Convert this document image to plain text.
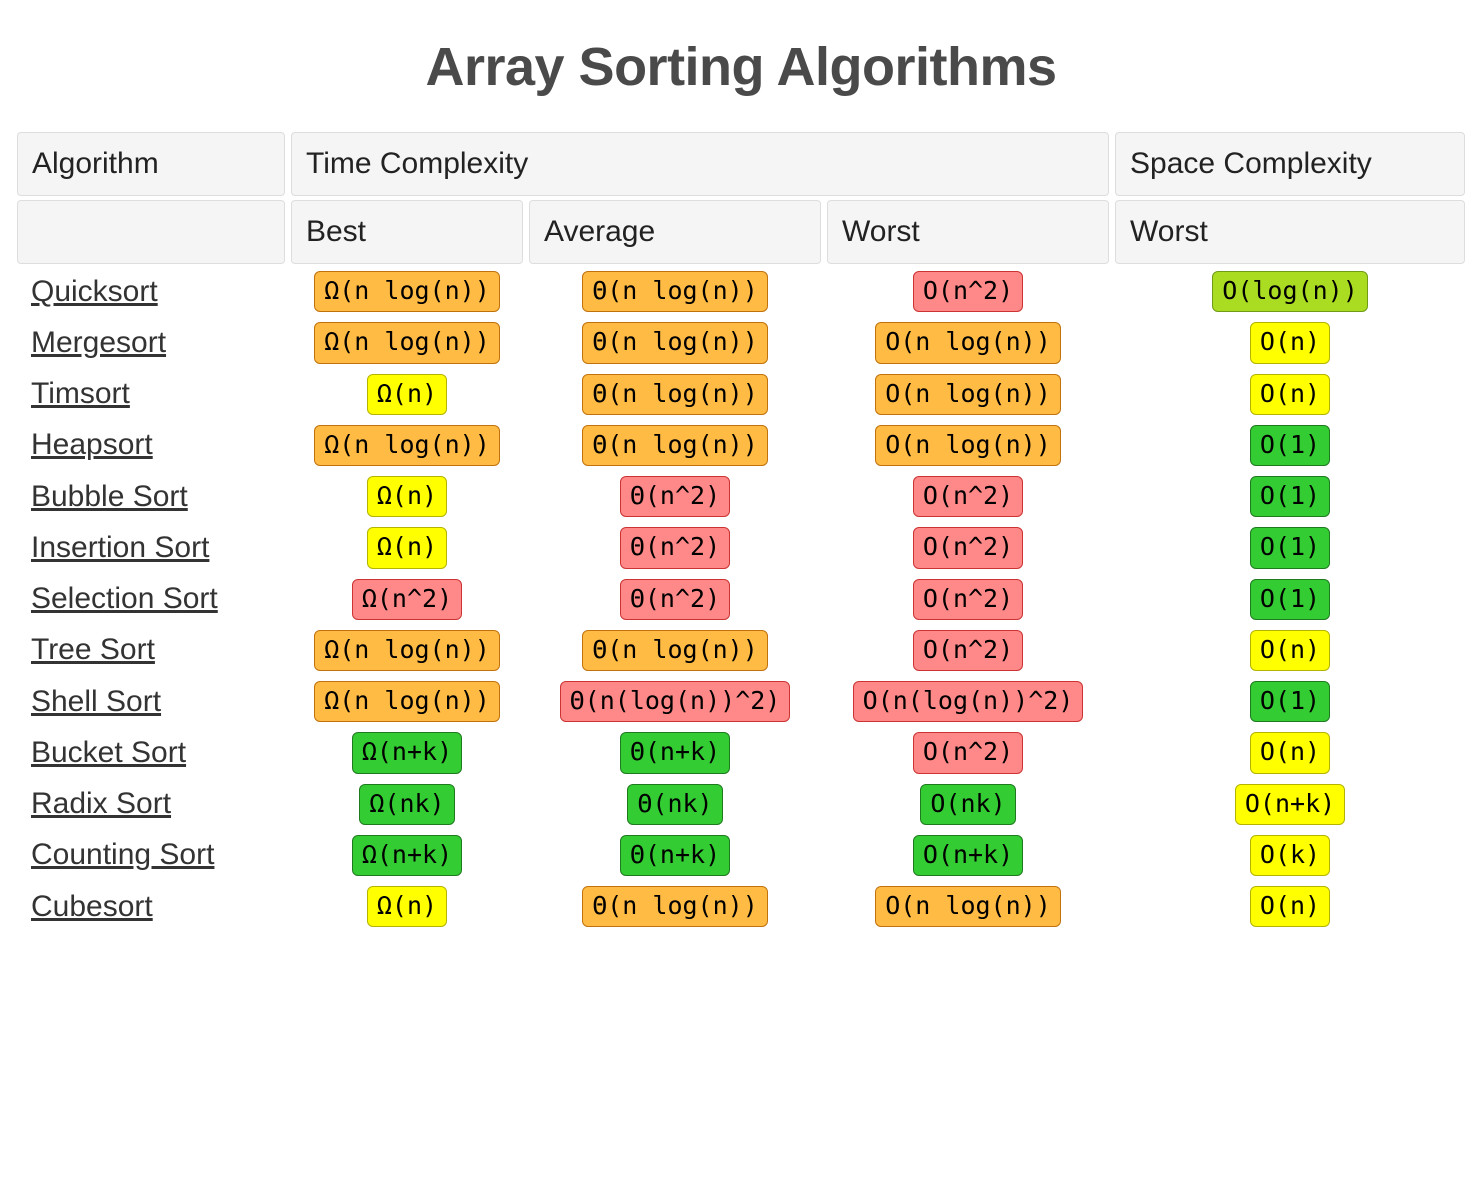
Array Sorting Algorithms
Algorithm	Time Complexity			Space Complexity
	Best	Average	Worst	Worst
Quicksort	Ω(n log(n))	Θ(n log(n))	O(n^2)	O(log(n))
Mergesort	Ω(n log(n))	Θ(n log(n))	O(n log(n))	O(n)
Timsort	Ω(n)	Θ(n log(n))	O(n log(n))	O(n)
Heapsort	Ω(n log(n))	Θ(n log(n))	O(n log(n))	O(1)
Bubble Sort	Ω(n)	Θ(n^2)	O(n^2)	O(1)
Insertion Sort	Ω(n)	Θ(n^2)	O(n^2)	O(1)
Selection Sort	Ω(n^2)	Θ(n^2)	O(n^2)	O(1)
Tree Sort	Ω(n log(n))	Θ(n log(n))	O(n^2)	O(n)
Shell Sort	Ω(n log(n))	Θ(n(log(n))^2)	O(n(log(n))^2)	O(1)
Bucket Sort	Ω(n+k)	Θ(n+k)	O(n^2)	O(n)
Radix Sort	Ω(nk)	Θ(nk)	O(nk)	O(n+k)
Counting Sort	Ω(n+k)	Θ(n+k)	O(n+k)	O(k)
Cubesort	Ω(n)	Θ(n log(n))	O(n log(n))	O(n)
